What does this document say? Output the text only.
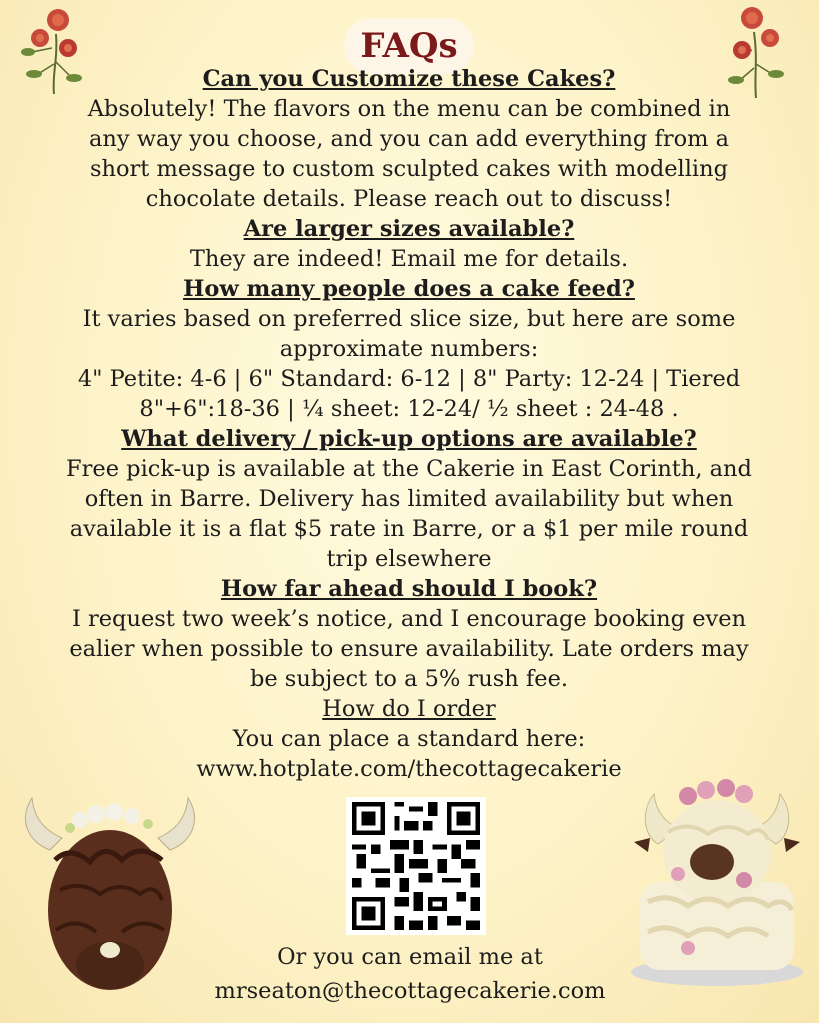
FAQs

Can you Customize these Cakes?

Absolutely! The flavors on the menu can be combined in

any way you choose, and you can add everything from a

short message to custom sculpted cakes with modelling

chocolate details. Please reach out to discuss!

Are larger sizes available?

They are indeed! Email me for details.

How many people does a cake feed?

It varies based on preferred slice size, but here are some

approximate numbers:

4" Petite: 4-6 | 6" Standard: 6-12 | 8" Party: 12-24 | Tiered

8"+6":18-36 | ¼ sheet: 12-24/ ½ sheet : 24-48 .

What delivery / pick-up options are available?

Free pick-up is available at the Cakerie in East Corinth, and

often in Barre. Delivery has limited availability but when

available it is a flat $5 rate in Barre, or a $1 per mile round

trip elsewhere

How far ahead should I book?

I request two week’s notice, and I encourage booking even

ealier when possible to ensure availability. Late orders may

be subject to a 5% rush fee.

How do I order

You can place a standard here:

www.hotplate.com/thecottagecakerie

Or you can email me at
mrseaton@thecottagecakerie.com
